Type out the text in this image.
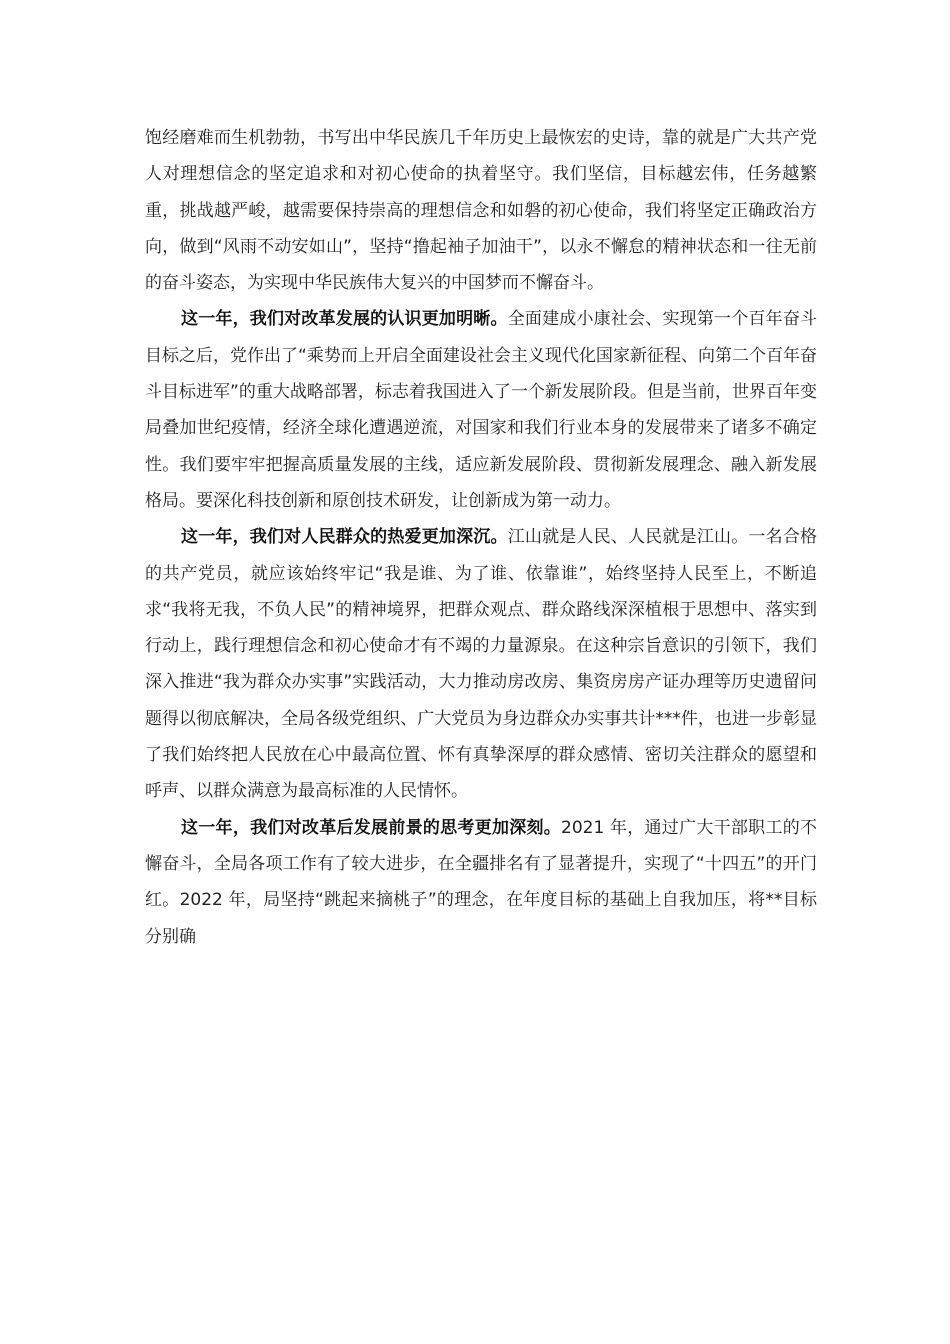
饱经磨难而生机勃勃，书写出中华民族几千年历史上最恢宏的史诗，靠的就是广大共产党人对理想信念的坚定追求和对初心使命的执着坚守。我们坚信，目标越宏伟，任务越繁重，挑战越严峻，越需要保持崇高的理想信念和如磐的初心使命，我们将坚定正确政治方向，做到“风雨不动安如山”，坚持“撸起袖子加油干”，以永不懈怠的精神状态和一往无前的奋斗姿态，为实现中华民族伟大复兴的中国梦而不懈奋斗。

这一年，我们对改革发展的认识更加明晰。全面建成小康社会、实现第一个百年奋斗　目标之后，党作出了“乘势而上开启全面建设社会主义现代化国家新征程、向第二个百年奋斗目标进军”的重大战略部署，标志着我国进入了一个新发展阶段。但是当前，世界百年变局叠加世纪疫情，经济全球化遭遇逆流，对国家和我们行业本身的发展带来了诸多不确定性。我们要牢牢把握高质量发展的主线，适应新发展阶段、贯彻新发展理念、融入新发展 格局。要深化科技创新和原创技术研发，让创新成为第一动力。

这一年，我们对人民群众的热爱更加深沉。江山就是人民、人民就是江山。一名合格的共产党员，就应该始终牢记“我是谁、为了谁、依靠谁”，始终坚持人民至上，不断追求“我将无我，不负人民”的精神境界，把群众观点、群众路线深深植根于思想中、落实到行动上，践行理想信念和初心使命才有不竭的力量源泉。在这种宗旨意识的引领下，我们深入推进“我为群众办实事”实践活动，大力推动房改房、集资房房产证办理等历史遗留问题得以彻底解决，全局各级党组织、广大党员为身边群众办实事共计***件，也进一步彰显了我们始终把人民放在心中最高位置、怀有真挚深厚的群众感情、密切关注群众的愿望和呼声、以群众满意为最高标准的人民情怀。

这一年，我们对改革后发展前景的思考更加深刻。2021 年，通过广大干部职工的不懈奋斗，全局各项工作有了较大进步，在全疆排名有了显著提升，实现了“十四五”的开门红。2022 年，局坚持“跳起来摘桃子”的理念，在年度目标的基础上自我加压，将**目标分别确
